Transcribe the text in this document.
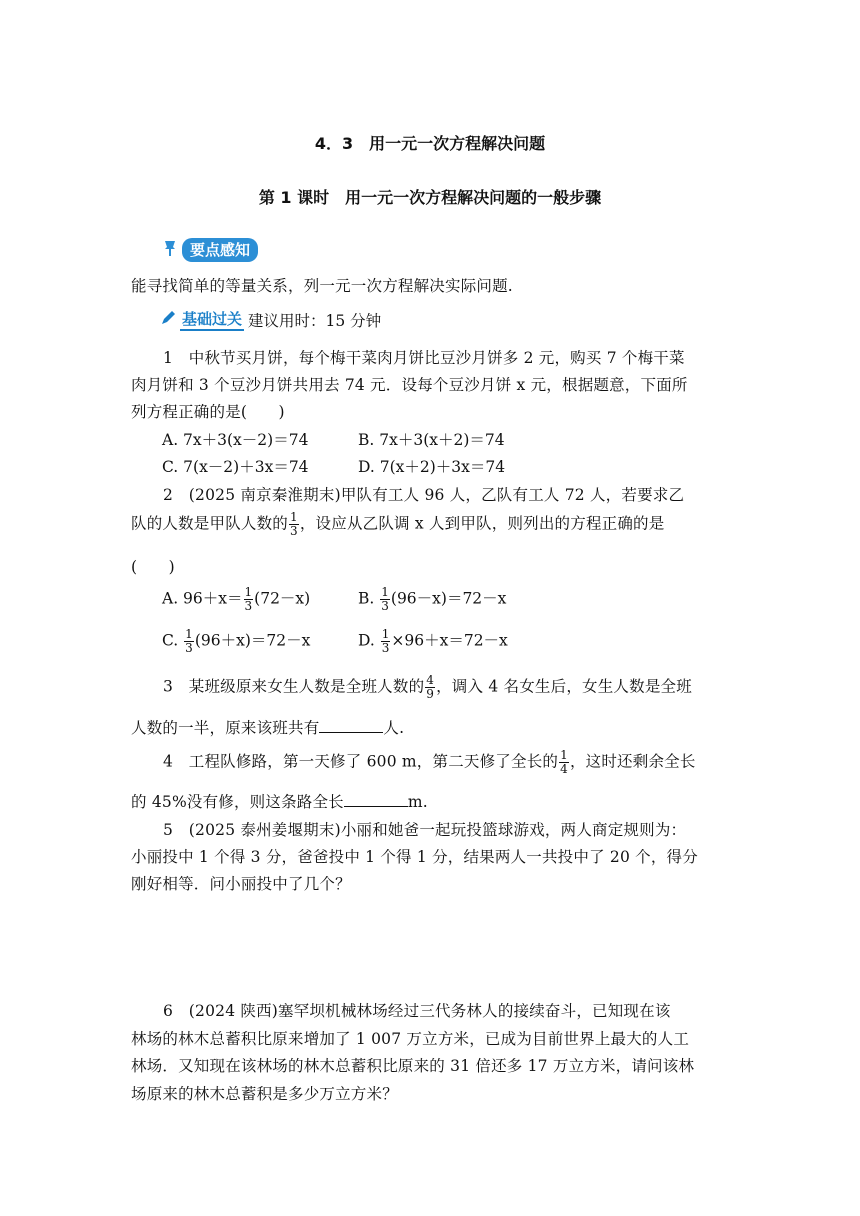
4．3　用一元一次方程解决问题
第 1 课时　用一元一次方程解决问题的一般步骤
要点感知
能寻找简单的等量关系，列一元一次方程解决实际问题.
基础过关 建议用时：15 分钟
1　中秋节买月饼，每个梅干菜肉月饼比豆沙月饼多 2 元，购买 7 个梅干菜
肉月饼和 3 个豆沙月饼共用去 74 元．设每个豆沙月饼 x 元，根据题意，下面所
列方程正确的是(　　)
A. 7x＋3(x－2)＝74	B. 7x＋3(x＋2)＝74
C. 7(x－2)＋3x＝74	D. 7(x＋2)＋3x＝74
2　(2025 南京秦淮期末)甲队有工人 96 人，乙队有工人 72 人，若要求乙
队的人数是甲队人数的 $\frac{1}{3}$ ，设应从乙队调 x 人到甲队，则列出的方程正确的是
(　　)
A. $96+x= \frac{1}{3} (72-x)$	B. $\frac{1}{3} (96-x)=72-x$
C. $\frac{1}{3} (96+x)=72-x$	D. $\frac{1}{3} \times 96+x=72-x$
3　某班级原来女生人数是全班人数的 $\frac{4}{9}$ ，调入 4 名女生后，女生人数是全班
人数的一半，原来该班共有	人.
4　工程队修路，第一天修了 600 m，第二天修了全长的 $\frac{1}{4}$ ，这时还剩余全长
的 45%没有修，则这条路全长	m.
5　(2025 泰州姜堰期末)小丽和她爸一起玩投篮球游戏，两人商定规则为：
小丽投中 1 个得 3 分，爸爸投中 1 个得 1 分，结果两人一共投中了 20 个，得分
刚好相等．问小丽投中了几个？
6　(2024 陕西)塞罕坝机械林场经过三代务林人的接续奋斗，已知现在该
林场的林木总蓄积比原来增加了 1 007 万立方米，已成为目前世界上最大的人工
林场．又知现在该林场的林木总蓄积比原来的 31 倍还多 17 万立方米，请问该林
场原来的林木总蓄积是多少万立方米？
